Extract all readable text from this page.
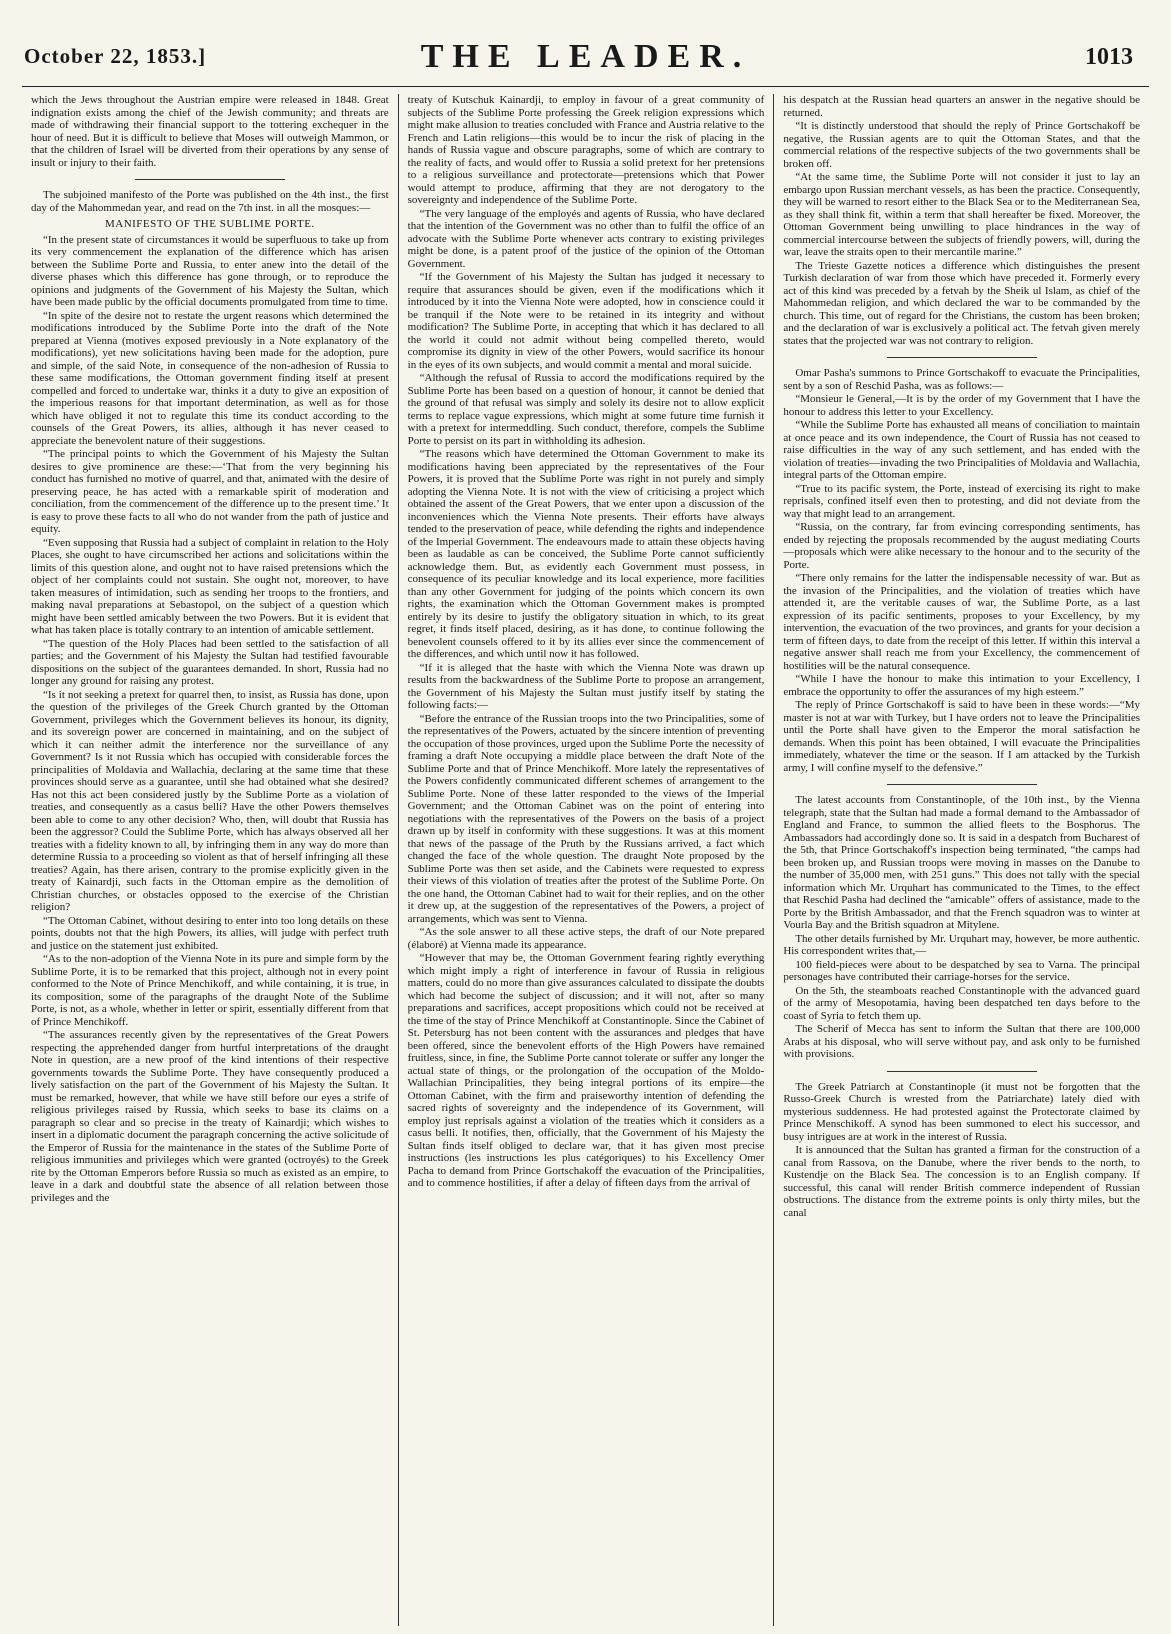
October 22, 1853.]	THE LEADER.	1013

which the Jews throughout the Austrian empire were released in 1848. Great indignation exists among the chief of the Jewish community; and threats are made of withdrawing their financial support to the tottering exchequer in the hour of need. But it is difficult to believe that Moses will outweigh Mammon, or that the children of Israel will be diverted from their operations by any sense of insult or injury to their faith.

The subjoined manifesto of the Porte was published on the 4th inst., the first day of the Mahommedan year, and read on the 7th inst. in all the mosques:—

MANIFESTO OF THE SUBLIME PORTE.

“In the present state of circumstances it would be superfluous to take up from its very commencement the explanation of the difference which has arisen between the Sublime Porte and Russia, to enter anew into the detail of the diverse phases which this difference has gone through, or to reproduce the opinions and judgments of the Government of his Majesty the Sultan, which have been made public by the official documents promulgated from time to time.

“In spite of the desire not to restate the urgent reasons which determined the modifications introduced by the Sublime Porte into the draft of the Note prepared at Vienna (motives exposed previously in a Note explanatory of the modifications), yet new solicitations having been made for the adoption, pure and simple, of the said Note, in consequence of the non-adhesion of Russia to these same modifications, the Ottoman government finding itself at present compelled and forced to undertake war, thinks it a duty to give an exposition of the imperious reasons for that important determination, as well as for those which have obliged it not to regulate this time its conduct according to the counsels of the Great Powers, its allies, although it has never ceased to appreciate the benevolent nature of their suggestions.

“The principal points to which the Government of his Majesty the Sultan desires to give prominence are these:—‘That from the very beginning his conduct has furnished no motive of quarrel, and that, animated with the desire of preserving peace, he has acted with a remarkable spirit of moderation and conciliation, from the commencement of the difference up to the present time.’ It is easy to prove these facts to all who do not wander from the path of justice and equity.

“Even supposing that Russia had a subject of complaint in relation to the Holy Places, she ought to have circumscribed her actions and solicitations within the limits of this question alone, and ought not to have raised pretensions which the object of her complaints could not sustain. She ought not, moreover, to have taken measures of intimidation, such as sending her troops to the frontiers, and making naval preparations at Sebastopol, on the subject of a question which might have been settled amicably between the two Powers. But it is evident that what has taken place is totally contrary to an intention of amicable settlement.

“The question of the Holy Places had been settled to the satisfaction of all parties; and the Government of his Majesty the Sultan had testified favourable dispositions on the subject of the guarantees demanded. In short, Russia had no longer any ground for raising any protest.

“Is it not seeking a pretext for quarrel then, to insist, as Russia has done, upon the question of the privileges of the Greek Church granted by the Ottoman Government, privileges which the Government believes its honour, its dignity, and its sovereign power are concerned in maintaining, and on the subject of which it can neither admit the interference nor the surveillance of any Government? Is it not Russia which has occupied with considerable forces the principalities of Moldavia and Wallachia, declaring at the same time that these provinces should serve as a guarantee, until she had obtained what she desired? Has not this act been considered justly by the Sublime Porte as a violation of treaties, and consequently as a casus belli? Have the other Powers themselves been able to come to any other decision? Who, then, will doubt that Russia has been the aggressor? Could the Sublime Porte, which has always observed all her treaties with a fidelity known to all, by infringing them in any way do more than determine Russia to a proceeding so violent as that of herself infringing all these treaties? Again, has there arisen, contrary to the promise explicitly given in the treaty of Kainardji, such facts in the Ottoman empire as the demolition of Christian churches, or obstacles opposed to the exercise of the Christian religion?

“The Ottoman Cabinet, without desiring to enter into too long details on these points, doubts not that the high Powers, its allies, will judge with perfect truth and justice on the statement just exhibited.

“As to the non-adoption of the Vienna Note in its pure and simple form by the Sublime Porte, it is to be remarked that this project, although not in every point conformed to the Note of Prince Menchikoff, and while containing, it is true, in its composition, some of the paragraphs of the draught Note of the Sublime Porte, is not, as a whole, whether in letter or spirit, essentially different from that of Prince Menchikoff.

“The assurances recently given by the representatives of the Great Powers respecting the apprehended danger from hurtful interpretations of the draught Note in question, are a new proof of the kind intentions of their respective governments towards the Sublime Porte. They have consequently produced a lively satisfaction on the part of the Government of his Majesty the Sultan. It must be remarked, however, that while we have still before our eyes a strife of religious privileges raised by Russia, which seeks to base its claims on a paragraph so clear and so precise in the treaty of Kainardji; which wishes to insert in a diplomatic document the paragraph concerning the active solicitude of the Emperor of Russia for the maintenance in the states of the Sublime Porte of religious immunities and privileges which were granted (octroyés) to the Greek rite by the Ottoman Emperors before Russia so much as existed as an empire, to leave in a dark and doubtful state the absence of all relation between those privileges and the

treaty of Kutschuk Kainardji, to employ in favour of a great community of subjects of the Sublime Porte professing the Greek religion expressions which might make allusion to treaties concluded with France and Austria relative to the French and Latin religions—this would be to incur the risk of placing in the hands of Russia vague and obscure paragraphs, some of which are contrary to the reality of facts, and would offer to Russia a solid pretext for her pretensions to a religious surveillance and protectorate—pretensions which that Power would attempt to produce, affirming that they are not derogatory to the sovereignty and independence of the Sublime Porte.

“The very language of the employés and agents of Russia, who have declared that the intention of the Government was no other than to fulfil the office of an advocate with the Sublime Porte whenever acts contrary to existing privileges might be done, is a patent proof of the justice of the opinion of the Ottoman Government.

“If the Government of his Majesty the Sultan has judged it necessary to require that assurances should be given, even if the modifications which it introduced by it into the Vienna Note were adopted, how in conscience could it be tranquil if the Note were to be retained in its integrity and without modification? The Sublime Porte, in accepting that which it has declared to all the world it could not admit without being compelled thereto, would compromise its dignity in view of the other Powers, would sacrifice its honour in the eyes of its own subjects, and would commit a mental and moral suicide.

“Although the refusal of Russia to accord the modifications required by the Sublime Porte has been based on a question of honour, it cannot be denied that the ground of that refusal was simply and solely its desire not to allow explicit terms to replace vague expressions, which might at some future time furnish it with a pretext for intermeddling. Such conduct, therefore, compels the Sublime Porte to persist on its part in withholding its adhesion.

“The reasons which have determined the Ottoman Government to make its modifications having been appreciated by the representatives of the Four Powers, it is proved that the Sublime Porte was right in not purely and simply adopting the Vienna Note. It is not with the view of criticising a project which obtained the assent of the Great Powers, that we enter upon a discussion of the inconveniences which the Vienna Note presents. Their efforts have always tended to the preservation of peace, while defending the rights and independence of the Imperial Government. The endeavours made to attain these objects having been as laudable as can be conceived, the Sublime Porte cannot sufficiently acknowledge them. But, as evidently each Government must possess, in consequence of its peculiar knowledge and its local experience, more facilities than any other Government for judging of the points which concern its own rights, the examination which the Ottoman Government makes is prompted entirely by its desire to justify the obligatory situation in which, to its great regret, it finds itself placed, desiring, as it has done, to continue following the benevolent counsels offered to it by its allies ever since the commencement of the differences, and which until now it has followed.

“If it is alleged that the haste with which the Vienna Note was drawn up results from the backwardness of the Sublime Porte to propose an arrangement, the Government of his Majesty the Sultan must justify itself by stating the following facts:—

“Before the entrance of the Russian troops into the two Principalities, some of the representatives of the Powers, actuated by the sincere intention of preventing the occupation of those provinces, urged upon the Sublime Porte the necessity of framing a draft Note occupying a middle place between the draft Note of the Sublime Porte and that of Prince Menchikoff. More lately the representatives of the Powers confidently communicated different schemes of arrangement to the Sublime Porte. None of these latter responded to the views of the Imperial Government; and the Ottoman Cabinet was on the point of entering into negotiations with the representatives of the Powers on the basis of a project drawn up by itself in conformity with these suggestions. It was at this moment that news of the passage of the Pruth by the Russians arrived, a fact which changed the face of the whole question. The draught Note proposed by the Sublime Porte was then set aside, and the Cabinets were requested to express their views of this violation of treaties after the protest of the Sublime Porte. On the one hand, the Ottoman Cabinet had to wait for their replies, and on the other it drew up, at the suggestion of the representatives of the Powers, a project of arrangements, which was sent to Vienna.

“As the sole answer to all these active steps, the draft of our Note prepared (élaboré) at Vienna made its appearance.

“However that may be, the Ottoman Government fearing rightly everything which might imply a right of interference in favour of Russia in religious matters, could do no more than give assurances calculated to dissipate the doubts which had become the subject of discussion; and it will not, after so many preparations and sacrifices, accept propositions which could not be received at the time of the stay of Prince Menchikoff at Constantinople. Since the Cabinet of St. Petersburg has not been content with the assurances and pledges that have been offered, since the benevolent efforts of the High Powers have remained fruitless, since, in fine, the Sublime Porte cannot tolerate or suffer any longer the actual state of things, or the prolongation of the occupation of the Moldo-Wallachian Principalities, they being integral portions of its empire—the Ottoman Cabinet, with the firm and praiseworthy intention of defending the sacred rights of sovereignty and the independence of its Government, will employ just reprisals against a violation of the treaties which it considers as a casus belli. It notifies, then, officially, that the Government of his Majesty the Sultan finds itself obliged to declare war, that it has given most precise instructions (les instructions les plus catégoriques) to his Excellency Omer Pacha to demand from Prince Gortschakoff the evacuation of the Principalities, and to commence hostilities, if after a delay of fifteen days from the arrival of

his despatch at the Russian head quarters an answer in the negative should be returned.

“It is distinctly understood that should the reply of Prince Gortschakoff be negative, the Russian agents are to quit the Ottoman States, and that the commercial relations of the respective subjects of the two governments shall be broken off.

“At the same time, the Sublime Porte will not consider it just to lay an embargo upon Russian merchant vessels, as has been the practice. Consequently, they will be warned to resort either to the Black Sea or to the Mediterranean Sea, as they shall think fit, within a term that shall hereafter be fixed. Moreover, the Ottoman Government being unwilling to place hindrances in the way of commercial intercourse between the subjects of friendly powers, will, during the war, leave the straits open to their mercantile marine.”

The Trieste Gazette notices a difference which distinguishes the present Turkish declaration of war from those which have preceded it. Formerly every act of this kind was preceded by a fetvah by the Sheik ul Islam, as chief of the Mahommedan religion, and which declared the war to be commanded by the church. This time, out of regard for the Christians, the custom has been broken; and the declaration of war is exclusively a political act. The fetvah given merely states that the projected war was not contrary to religion.

Omar Pasha's summons to Prince Gortschakoff to evacuate the Principalities, sent by a son of Reschid Pasha, was as follows:—

“Monsieur le General,—It is by the order of my Government that I have the honour to address this letter to your Excellency.

“While the Sublime Porte has exhausted all means of conciliation to maintain at once peace and its own independence, the Court of Russia has not ceased to raise difficulties in the way of any such settlement, and has ended with the violation of treaties—invading the two Principalities of Moldavia and Wallachia, integral parts of the Ottoman empire.

“True to its pacific system, the Porte, instead of exercising its right to make reprisals, confined itself even then to protesting, and did not deviate from the way that might lead to an arrangement.

“Russia, on the contrary, far from evincing corresponding sentiments, has ended by rejecting the proposals recommended by the august mediating Courts—proposals which were alike necessary to the honour and to the security of the Porte.

“There only remains for the latter the indispensable necessity of war. But as the invasion of the Principalities, and the violation of treaties which have attended it, are the veritable causes of war, the Sublime Porte, as a last expression of its pacific sentiments, proposes to your Excellency, by my intervention, the evacuation of the two provinces, and grants for your decision a term of fifteen days, to date from the receipt of this letter. If within this interval a negative answer shall reach me from your Excellency, the commencement of hostilities will be the natural consequence.

“While I have the honour to make this intimation to your Excellency, I embrace the opportunity to offer the assurances of my high esteem.”

The reply of Prince Gortschakoff is said to have been in these words:—“My master is not at war with Turkey, but I have orders not to leave the Principalities until the Porte shall have given to the Emperor the moral satisfaction he demands. When this point has been obtained, I will evacuate the Principalities immediately, whatever the time or the season. If I am attacked by the Turkish army, I will confine myself to the defensive.”

The latest accounts from Constantinople, of the 10th inst., by the Vienna telegraph, state that the Sultan had made a formal demand to the Ambassador of England and France, to summon the allied fleets to the Bosphorus. The Ambassadors had accordingly done so. It is said in a despatch from Bucharest of the 5th, that Prince Gortschakoff's inspection being terminated, “the camps had been broken up, and Russian troops were moving in masses on the Danube to the number of 35,000 men, with 251 guns.” This does not tally with the special information which Mr. Urquhart has communicated to the Times, to the effect that Reschid Pasha had declined the “amicable” offers of assistance, made to the Porte by the British Ambassador, and that the French squadron was to winter at Vourla Bay and the British squadron at Mitylene.

The other details furnished by Mr. Urquhart may, however, be more authentic. His correspondent writes that,—

100 field-pieces were about to be despatched by sea to Varna. The principal personages have contributed their carriage-horses for the service.

On the 5th, the steamboats reached Constantinople with the advanced guard of the army of Mesopotamia, having been despatched ten days before to the coast of Syria to fetch them up.

The Scherif of Mecca has sent to inform the Sultan that there are 100,000 Arabs at his disposal, who will serve without pay, and ask only to be furnished with provisions.

The Greek Patriarch at Constantinople (it must not be forgotten that the Russo-Greek Church is wrested from the Patriarchate) lately died with mysterious suddenness. He had protested against the Protectorate claimed by Prince Menschikoff. A synod has been summoned to elect his successor, and busy intrigues are at work in the interest of Russia.

It is announced that the Sultan has granted a firman for the construction of a canal from Rassova, on the Danube, where the river bends to the north, to Kustendje on the Black Sea. The concession is to an English company. If successful, this canal will render British commerce independent of Russian obstructions. The distance from the extreme points is only thirty miles, but the canal
